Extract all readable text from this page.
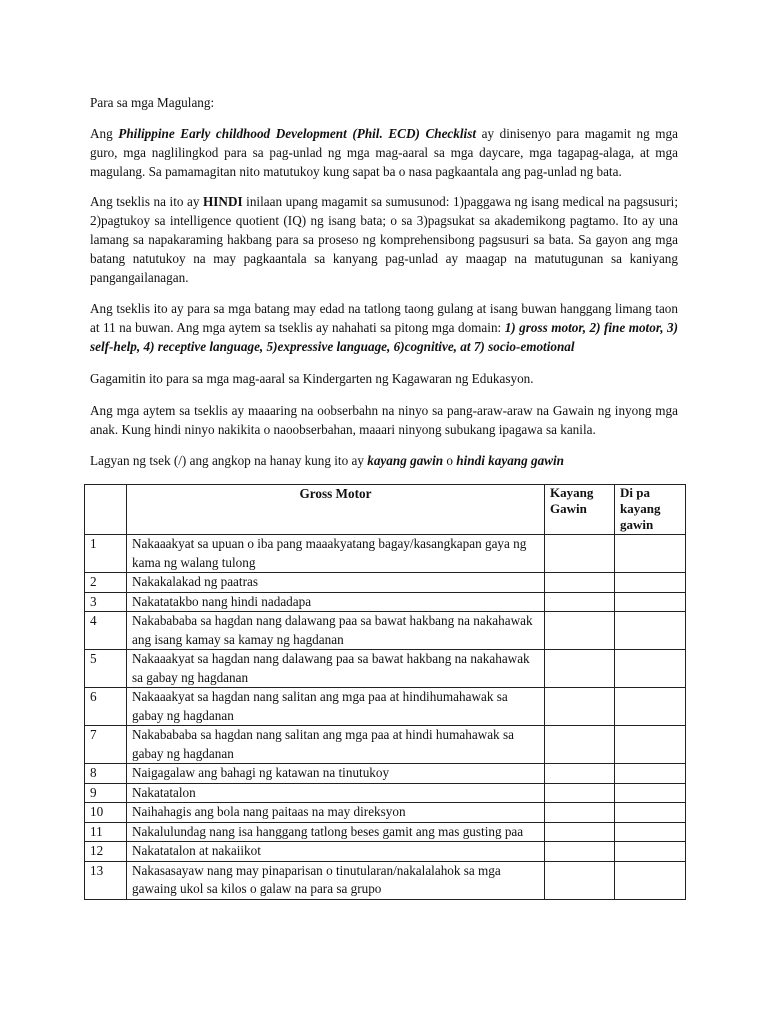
Para sa mga Magulang:

Ang Philippine Early childhood Development (Phil. ECD) Checklist ay dinisenyo para magamit ng mga guro, mga naglilingkod para sa pag-unlad ng mga mag-aaral sa mga daycare, mga tagapag-alaga, at mga magulang. Sa pamamagitan nito matutukoy kung sapat ba o nasa pagkaantala ang pag-unlad ng bata.

Ang tseklis na ito ay HINDI inilaan upang magamit sa sumusunod: 1)paggawa ng isang medical na pagsusuri; 2)pagtukoy sa intelligence quotient (IQ) ng isang bata; o sa 3)pagsukat sa akademikong pagtamo. Ito ay una lamang sa napakaraming hakbang para sa proseso ng komprehensibong pagsusuri sa bata. Sa gayon ang mga batang natutukoy na may pagkaantala sa kanyang pag-unlad ay maagap na matutugunan sa kaniyang pangangailanagan.

Ang tseklis ito ay para sa mga batang may edad na tatlong taong gulang at isang buwan hanggang limang taon at 11 na buwan. Ang mga aytem sa tseklis ay nahahati sa pitong mga domain: 1) gross motor, 2) fine motor, 3) self-help, 4) receptive language, 5)expressive language, 6)cognitive, at 7) socio-emotional

Gagamitin ito para sa mga mag-aaral sa Kindergarten ng Kagawaran ng Edukasyon.

Ang mga aytem sa tseklis ay maaaring na oobserbahn na ninyo sa pang-araw-araw na Gawain ng inyong mga anak. Kung hindi ninyo nakikita o naoobserbahan, maaari ninyong subukang ipagawa sa kanila.

Lagyan ng tsek (/) ang angkop na hanay kung ito ay kayang gawin o hindi kayang gawin

	Gross Motor	Kayang Gawin	Di pa kayang gawin
1	Nakaaakyat sa upuan o iba pang maaakyatang bagay/kasangkapan gaya ng kama ng walang tulong		
2	Nakakalakad ng paatras		
3	Nakatatakbo nang hindi nadadapa		
4	Nakabababa sa hagdan nang dalawang paa sa bawat hakbang na nakahawak ang isang kamay sa kamay ng hagdanan		
5	Nakaaakyat sa hagdan nang dalawang paa sa bawat hakbang na nakahawak sa gabay ng hagdanan		
6	Nakaaakyat sa hagdan nang salitan ang mga paa at hindihumahawak sa gabay ng hagdanan		
7	Nakabababa sa hagdan nang salitan ang mga paa at hindi humahawak sa gabay ng hagdanan		
8	Naigagalaw ang bahagi ng katawan na tinutukoy		
9	Nakatatalon		
10	Naihahagis ang bola nang paitaas na may direksyon		
11	Nakalulundag nang isa hanggang tatlong beses gamit ang mas gusting paa		
12	Nakatatalon at nakaiikot		
13	Nakasasayaw nang may pinaparisan o tinutularan/nakalalahok sa mga gawaing ukol sa kilos o galaw na para sa grupo		
